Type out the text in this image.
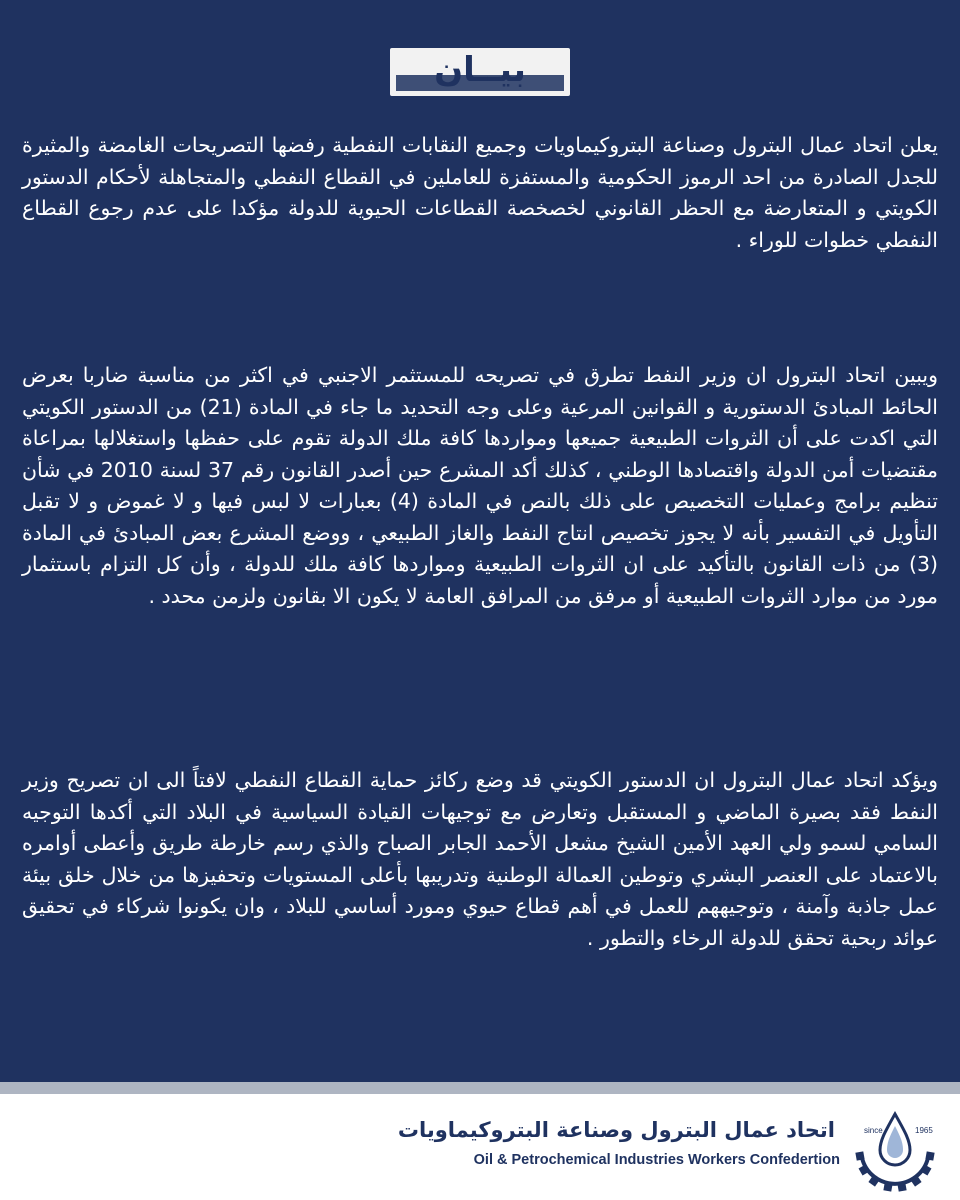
بيــان
يعلن اتحاد عمال البترول وصناعة البتروكيماويات وجميع النقابات النفطية رفضها التصريحات الغامضة والمثيرة للجدل الصادرة من احد الرموز الحكومية والمستفزة للعاملين في القطاع النفطي والمتجاهلة لأحكام الدستور الكويتي و المتعارضة مع الحظر القانوني لخصخصة القطاعات الحيوية للدولة مؤكدا على عدم رجوع القطاع النفطي خطوات للوراء .
ويبين اتحاد البترول ان وزير النفط تطرق في تصريحه للمستثمر الاجنبي في اكثر من مناسبة ضاربا بعرض الحائط المبادئ الدستورية و القوانين المرعية وعلى وجه التحديد ما جاء في المادة (21) من الدستور الكويتي التي اكدت على أن الثروات الطبيعية جميعها ومواردها كافة ملك الدولة تقوم على حفظها واستغلالها بمراعاة مقتضيات أمن الدولة واقتصادها الوطني ، كذلك أكد المشرع حين أصدر القانون رقم 37 لسنة 2010 في شأن تنظيم برامج وعمليات التخصيص على ذلك بالنص في المادة (4) بعبارات لا لبس فيها و لا غموض و لا تقبل التأويل في التفسير بأنه لا يجوز تخصيص انتاج النفط والغاز الطبيعي ، ووضع المشرع بعض المبادئ في المادة (3) من ذات القانون بالتأكيد على ان الثروات الطبيعية ومواردها كافة ملك للدولة ، وأن كل التزام باستثمار مورد من موارد الثروات الطبيعية أو مرفق من المرافق العامة لا يكون الا بقانون ولزمن محدد .
ويؤكد اتحاد عمال البترول ان الدستور الكويتي قد وضع ركائز حماية القطاع النفطي لافتاً الى ان تصريح وزير النفط فقد بصيرة الماضي و المستقبل وتعارض مع توجيهات القيادة السياسية في البلاد التي أكدها التوجيه السامي لسمو ولي العهد الأمين الشيخ مشعل الأحمد الجابر الصباح والذي رسم خارطة طريق وأعطى أوامره بالاعتماد على العنصر البشري وتوطين العمالة الوطنية وتدريبها بأعلى المستويات وتحفيزها من خلال خلق بيئة عمل جاذبة وآمنة ، وتوجيههم للعمل في أهم قطاع حيوي ومورد أساسي للبلاد ، وان يكونوا شركاء في تحقيق عوائد ربحية تحقق للدولة الرخاء والتطور .
اتحاد عمال البترول وصناعة البتروكيماويات
Oil & Petrochemical Industries Workers Confedertion
since	1965
